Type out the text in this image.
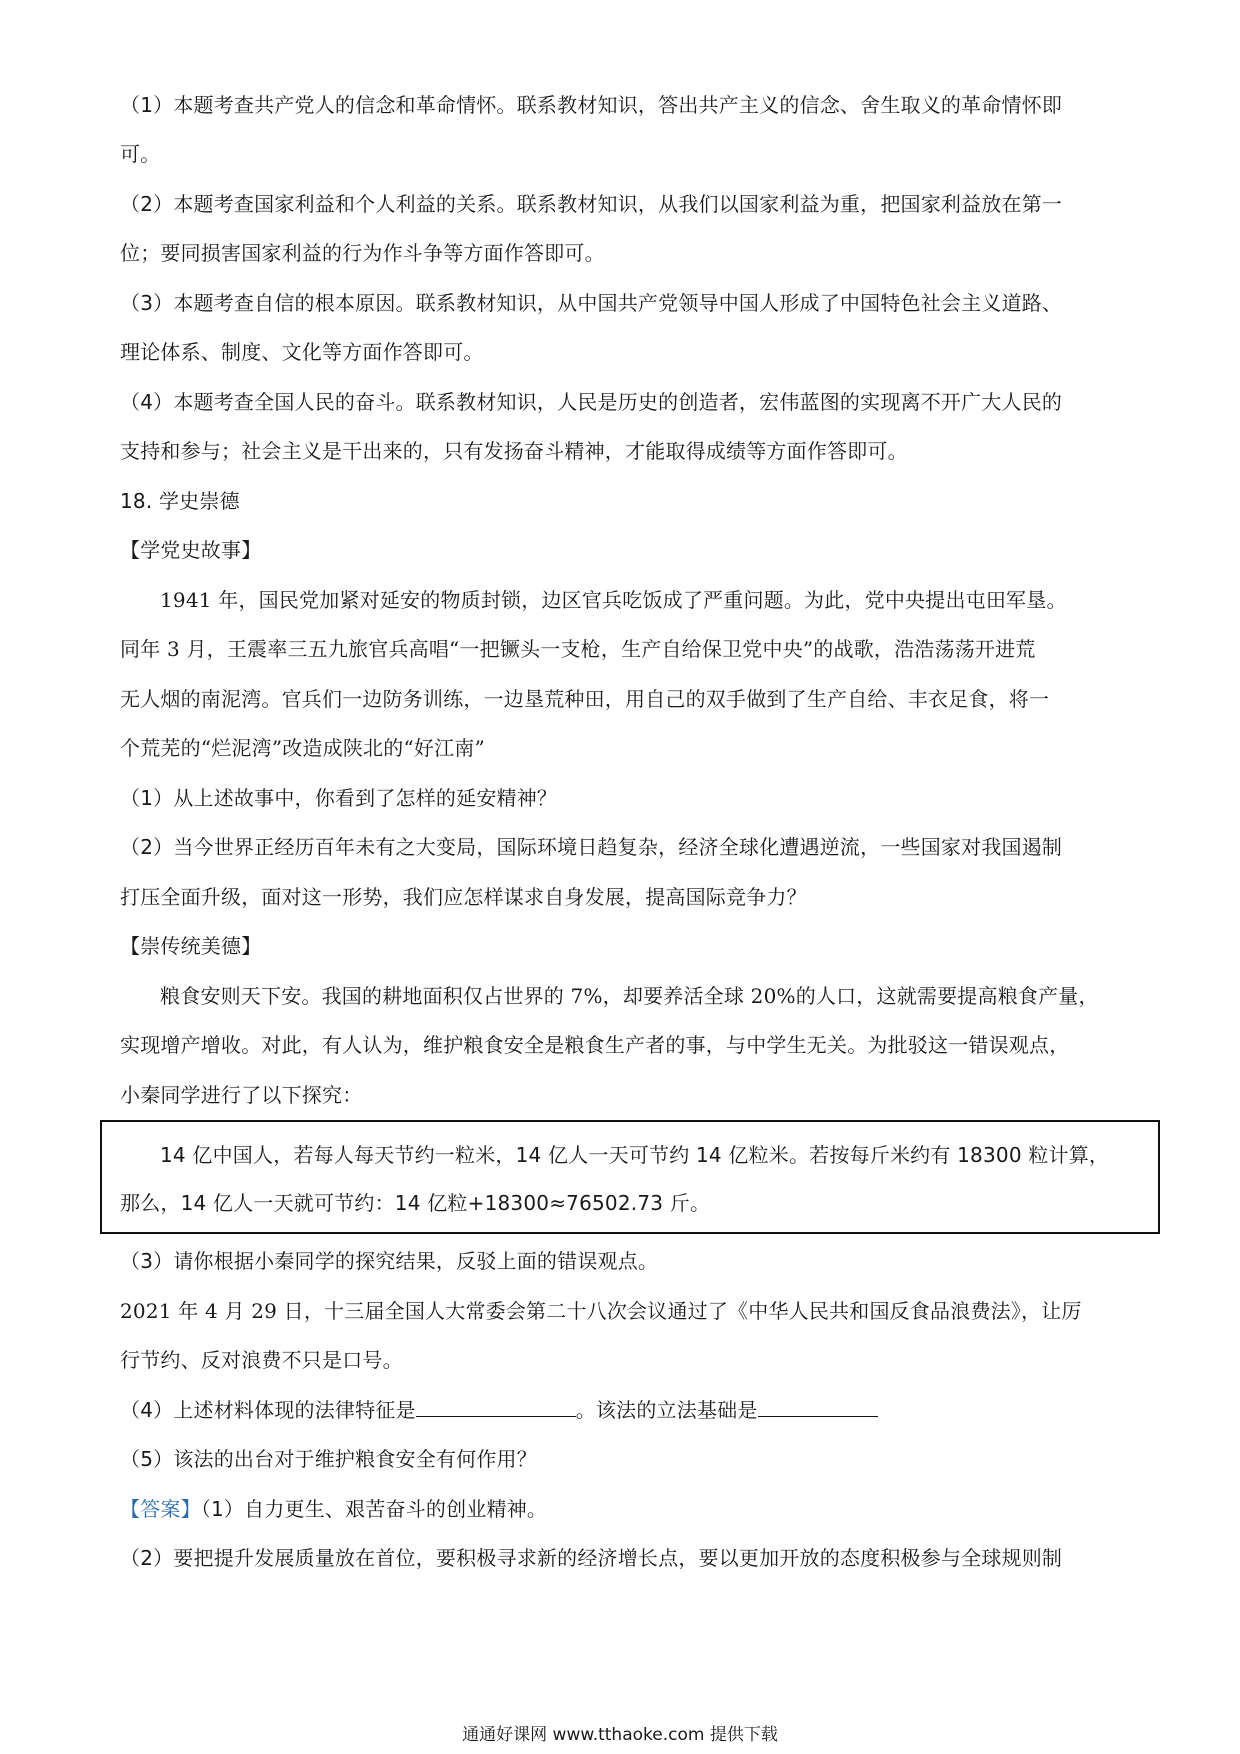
（1）本题考查共产党人的信念和革命情怀。联系教材知识，答出共产主义的信念、舍生取义的革命情怀即
可。
（2）本题考查国家利益和个人利益的关系。联系教材知识，从我们以国家利益为重，把国家利益放在第一
位；要同损害国家利益的行为作斗争等方面作答即可。
（3）本题考查自信的根本原因。联系教材知识，从中国共产党领导中国人形成了中国特色社会主义道路、
理论体系、制度、文化等方面作答即可。
（4）本题考查全国人民的奋斗。联系教材知识，人民是历史的创造者，宏伟蓝图的实现离不开广大人民的
支持和参与；社会主义是干出来的，只有发扬奋斗精神，才能取得成绩等方面作答即可。
18. 学史崇德
【学党史故事】
1941 年，国民党加紧对延安的物质封锁，边区官兵吃饭成了严重问题。为此，党中央提出屯田军垦。
同年 3 月，王震率三五九旅官兵高唱“一把镢头一支枪，生产自给保卫党中央”的战歌，浩浩荡荡开进荒
无人烟的南泥湾。官兵们一边防务训练，一边垦荒种田，用自己的双手做到了生产自给、丰衣足食，将一
个荒芜的“烂泥湾”改造成陕北的“好江南”
（1）从上述故事中，你看到了怎样的延安精神？
（2）当今世界正经历百年未有之大变局，国际环境日趋复杂，经济全球化遭遇逆流，一些国家对我国遏制
打压全面升级，面对这一形势，我们应怎样谋求自身发展，提高国际竞争力？
【崇传统美德】
粮食安则天下安。我国的耕地面积仅占世界的 7%，却要养活全球 20%的人口，这就需要提高粮食产量，
实现增产增收。对此，有人认为，维护粮食安全是粮食生产者的事，与中学生无关。为批驳这一错误观点，
小秦同学进行了以下探究：
14 亿中国人，若每人每天节约一粒米，14 亿人一天可节约 14 亿粒米。若按每斤米约有 18300 粒计算，
那么，14 亿人一天就可节约：14 亿粒+18300≈76502.73 斤。
（3）请你根据小秦同学的探究结果，反驳上面的错误观点。
2021 年 4 月 29 日，十三届全国人大常委会第二十八次会议通过了《中华人民共和国反食品浪费法》，让厉
行节约、反对浪费不只是口号。
（4）上述材料体现的法律特征是	。该法的立法基础是
（5）该法的出台对于维护粮食安全有何作用？
【答案】（1）自力更生、艰苦奋斗的创业精神。
（2）要把提升发展质量放在首位，要积极寻求新的经济增长点，要以更加开放的态度积极参与全球规则制
通通好课网 www.tthaoke.com 提供下载
